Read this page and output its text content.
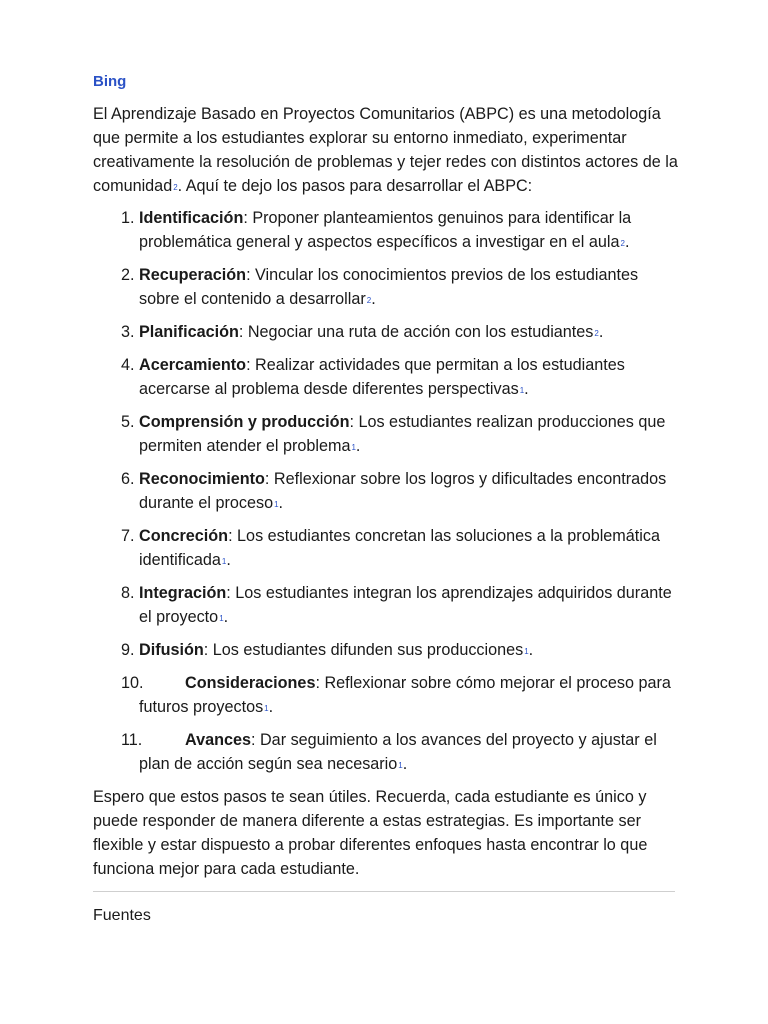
Bing

El Aprendizaje Basado en Proyectos Comunitarios (ABPC) es una metodología que permite a los estudiantes explorar su entorno inmediato, experimentar creativamente la resolución de problemas y tejer redes con distintos actores de la comunidad$^2$. Aquí te dejo los pasos para desarrollar el ABPC:

1. Identificación: Proponer planteamientos genuinos para identificar la problemática general y aspectos específicos a investigar en el aula$^2$.
2. Recuperación: Vincular los conocimientos previos de los estudiantes sobre el contenido a desarrollar$^2$.
3. Planificación: Negociar una ruta de acción con los estudiantes$^2$.
4. Acercamiento: Realizar actividades que permitan a los estudiantes acercarse al problema desde diferentes perspectivas$^1$.
5. Comprensión y producción: Los estudiantes realizan producciones que permiten atender el problema$^1$.
6. Reconocimiento: Reflexionar sobre los logros y dificultades encontrados durante el proceso$^1$.
7. Concreción: Los estudiantes concretan las soluciones a la problemática identificada$^1$.
8. Integración: Los estudiantes integran los aprendizajes adquiridos durante el proyecto$^1$.
9. Difusión: Los estudiantes difunden sus producciones$^1$.
10.	Consideraciones: Reflexionar sobre cómo mejorar el proceso para futuros proyectos$^1$.
11.	Avances: Dar seguimiento a los avances del proyecto y ajustar el plan de acción según sea necesario$^1$.

Espero que estos pasos te sean útiles. Recuerda, cada estudiante es único y puede responder de manera diferente a estas estrategias. Es importante ser flexible y estar dispuesto a probar diferentes enfoques hasta encontrar lo que funciona mejor para cada estudiante.

Fuentes
